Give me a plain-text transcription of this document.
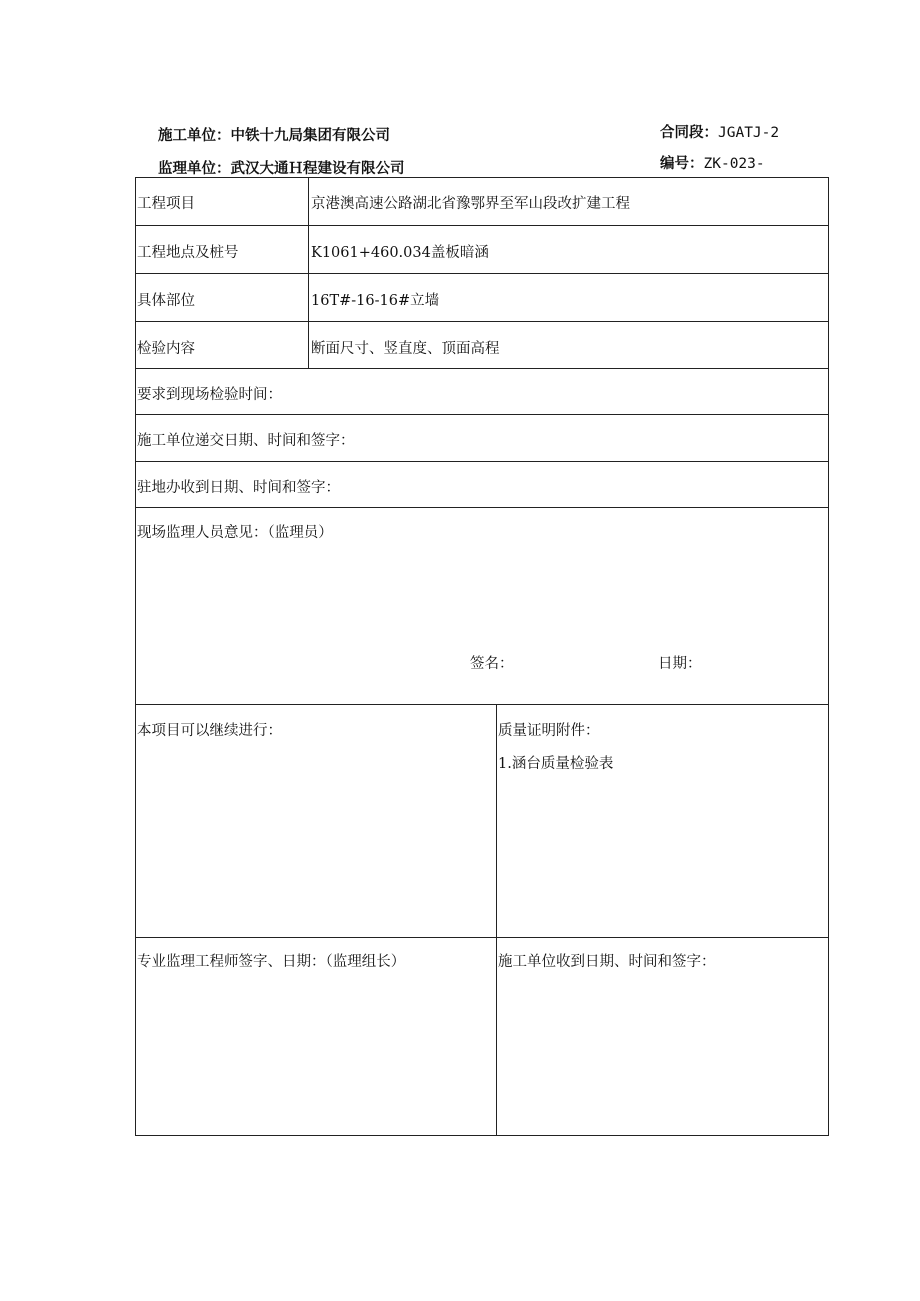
施工单位：中铁十九局集团有限公司	合同段：JGATJ-2
监理单位：武汉大通Ｈ程建设有限公司	编号：ZK-023-
工程项目	京港澳高速公路湖北省豫鄂界至军山段改扩建工程
工程地点及桩号	K1061+460.034盖板暗涵
具体部位	16T#-16-16#立墙
检验内容	断面尺寸、竖直度、顶面高程
要求到现场检验时间：
施工单位递交日期、时间和签字：
驻地办收到日期、时间和签字：
现场监理人员意见：（监理员）
签名：	日期：
本项目可以继续进行：	质量证明附件：
1.涵台质量检验表
专业监理工程师签字、日期：（监理组长）	施工单位收到日期、时间和签字：
